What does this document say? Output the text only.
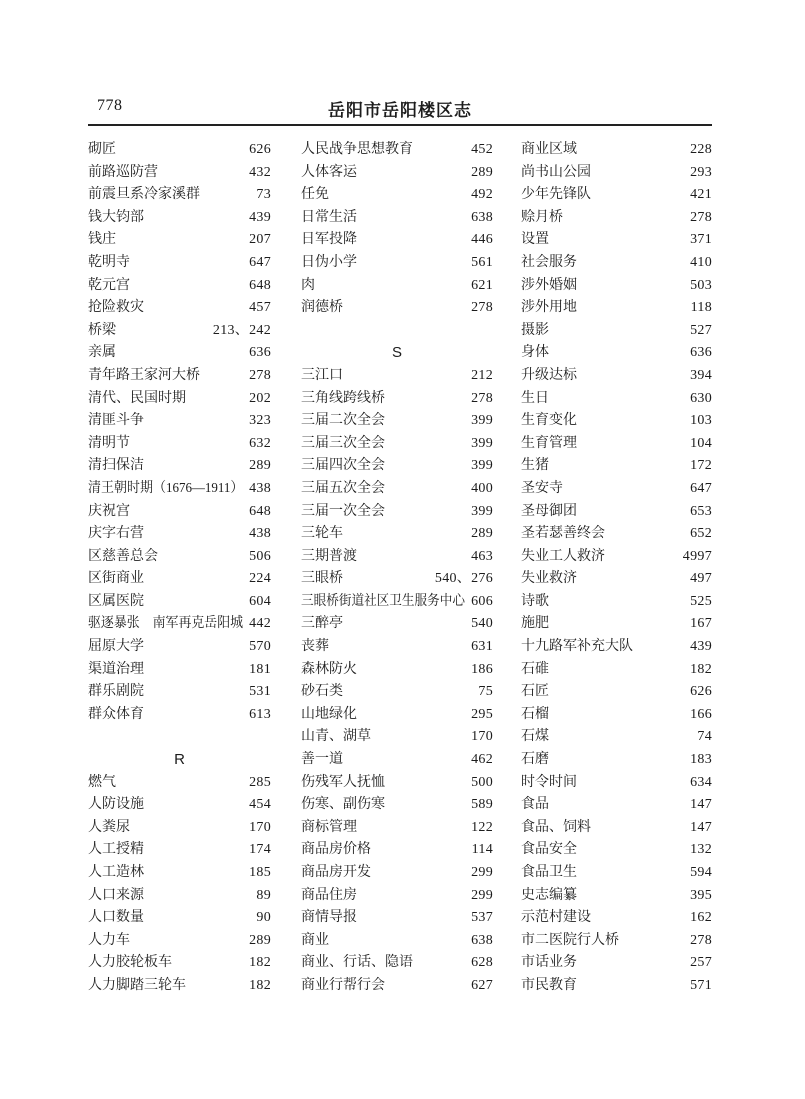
778	岳阳市岳阳楼区志
砌匠	626
前路巡防营	432
前震旦系冷家溪群	73
钱大钧部	439
钱庄	207
乾明寺	647
乾元宫	648
抢险救灾	457
桥梁	213、242
亲属	636
青年路王家河大桥	278
清代、民国时期	202
清匪斗争	323
清明节	632
清扫保洁	289
清王朝时期（1676—1911） 438
庆祝宫	648
庆字右营	438
区慈善总会	506
区街商业	224
区属医院	604
驱逐暴张　南军再克岳阳城 442
屈原大学	570
渠道治理	181
群乐剧院	531
群众体育	613
R
燃气	285
人防设施	454
人粪尿	170
人工授精	174
人工造林	185
人口来源	89
人口数量	90
人力车	289
人力胶轮板车	182
人力脚踏三轮车	182
人民战争思想教育	452
人体客运	289
任免	492
日常生活	638
日军投降	446
日伪小学	561
肉	621
润德桥	278
S
三江口	212
三角线跨线桥	278
三届二次全会	399
三届三次全会	399
三届四次全会	399
三届五次全会	400
三届一次全会	399
三轮车	289
三期普渡	463
三眼桥	540、276
三眼桥街道社区卫生服务中心 606
三醉亭	540
丧葬	631
森林防火	186
砂石类	75
山地绿化	295
山青、湖草	170
善一道	462
伤残军人抚恤	500
伤寒、副伤寒	589
商标管理	122
商品房价格	114
商品房开发	299
商品住房	299
商情导报	537
商业	638
商业、行话、隐语	628
商业行帮行会	627
商业区域	228
尚书山公园	293
少年先锋队	421
赊月桥	278
设置	371
社会服务	410
涉外婚姻	503
涉外用地	118
摄影	527
身体	636
升级达标	394
生日	630
生育变化	103
生育管理	104
生猪	172
圣安寺	647
圣母御团	653
圣若瑟善终会	652
失业工人救济	4997
失业救济	497
诗歌	525
施肥	167
十九路军补充大队	439
石碓	182
石匠	626
石榴	166
石煤	74
石磨	183
时令时间	634
食品	147
食品、饲料	147
食品安全	132
食品卫生	594
史志编纂	395
示范村建设	162
市二医院行人桥	278
市话业务	257
市民教育	571
